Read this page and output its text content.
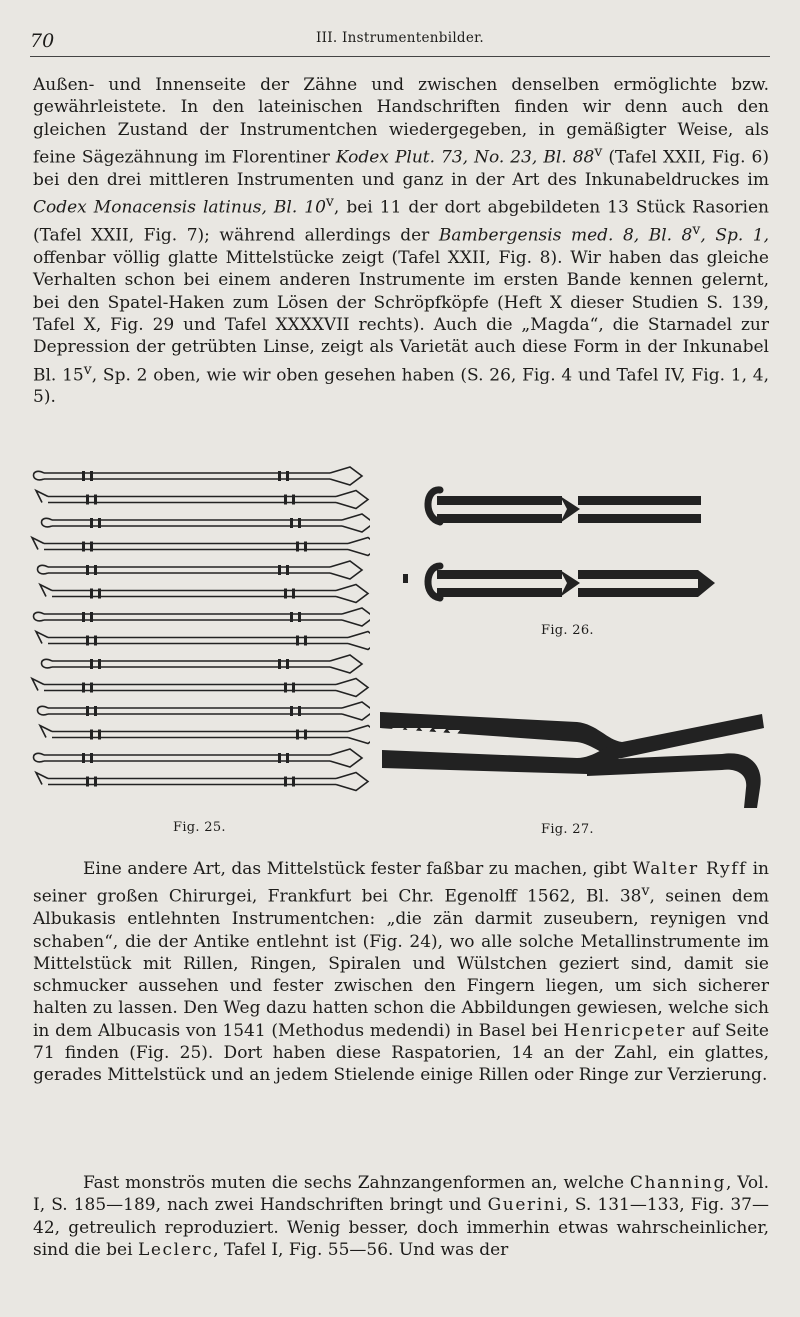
70	III. Instrumentenbilder.

Außen- und Innenseite der Zähne und zwischen denselben ermöglichte bzw. gewährleistete. In den lateinischen Handschriften finden wir denn auch den gleichen Zustand der Instrumentchen wiedergegeben, in gemäßigter Weise, als feine Sägezähnung im Florentiner Kodex Plut. 73, No. 23, Bl. 88$^v$ (Tafel XXII, Fig. 6) bei den drei mittleren Instrumenten und ganz in der Art des Inkunabeldruckes im Codex Monacensis latinus, Bl. 10$^v$, bei 11 der dort abgebildeten 13 Stück Rasorien (Tafel XXII, Fig. 7); während allerdings der Bambergensis med. 8, Bl. 8$^v$, Sp. 1, offenbar völlig glatte Mittelstücke zeigt (Tafel XXII, Fig. 8). Wir haben das gleiche Verhalten schon bei einem anderen Instrumente im ersten Bande kennen gelernt, bei den Spatel-Haken zum Lösen der Schröpfköpfe (Heft X dieser Studien S. 139, Tafel X, Fig. 29 und Tafel XXXXVII rechts). Auch die „Magda“, die Starnadel zur Depression der getrübten Linse, zeigt als Varietät auch diese Form in der Inkunabel Bl. 15$^v$, Sp. 2 oben, wie wir oben gesehen haben (S. 26, Fig. 4 und Tafel IV, Fig. 1, 4, 5).

Fig. 25.
Fig. 26.
Fig. 27.

Eine andere Art, das Mittelstück fester faßbar zu machen, gibt Walter Ryff in seiner großen Chirurgei, Frankfurt bei Chr. Egenolff 1562, Bl. 38$^v$, seinen dem Albukasis entlehnten Instrumentchen: „die zän darmit zuseubern, reynigen vnd schaben“, die der Antike entlehnt ist (Fig. 24), wo alle solche Metallinstrumente im Mittelstück mit Rillen, Ringen, Spiralen und Wülstchen geziert sind, damit sie schmucker aussehen und fester zwischen den Fingern liegen, um sich sicherer halten zu lassen. Den Weg dazu hatten schon die Abbildungen gewiesen, welche sich in dem Albucasis von 1541 (Methodus medendi) in Basel bei Henricpeter auf Seite 71 finden (Fig. 25). Dort haben diese Raspatorien, 14 an der Zahl, ein glattes, gerades Mittelstück und an jedem Stielende einige Rillen oder Ringe zur Verzierung.

Fast monströs muten die sechs Zahnzangenformen an, welche Channing, Vol. I, S. 185—189, nach zwei Handschriften bringt und Guerini, S. 131—133, Fig. 37—42, getreulich reproduziert. Wenig besser, doch immerhin etwas wahrscheinlicher, sind die bei Leclerc, Tafel I, Fig. 55—56. Und was der
